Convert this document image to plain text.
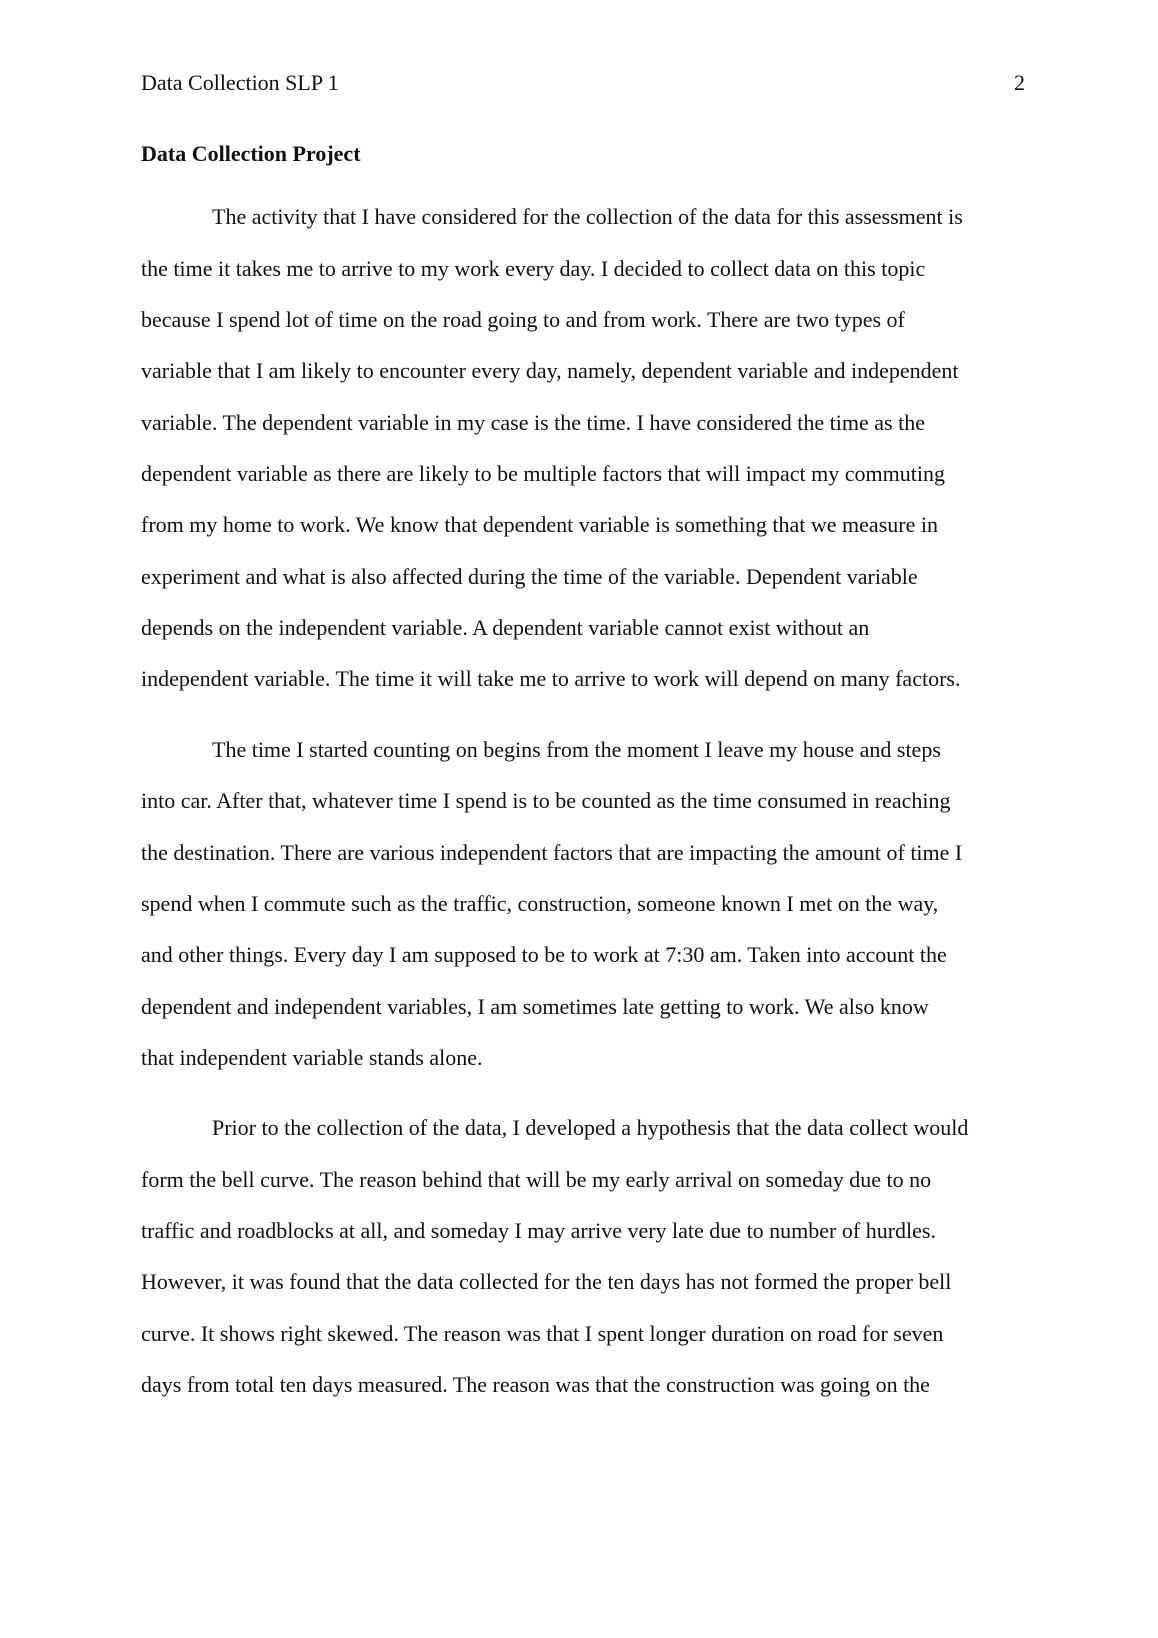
Data Collection SLP 1	2
Data Collection Project
The activity that I have considered for the collection of the data for this assessment is
the time it takes me to arrive to my work every day. I decided to collect data on this topic
because I spend lot of time on the road going to and from work. There are two types of
variable that I am likely to encounter every day, namely, dependent variable and independent
variable. The dependent variable in my case is the time. I have considered the time as the
dependent variable as there are likely to be multiple factors that will impact my commuting
from my home to work. We know that dependent variable is something that we measure in
experiment and what is also affected during the time of the variable. Dependent variable
depends on the independent variable. A dependent variable cannot exist without an
independent variable. The time it will take me to arrive to work will depend on many factors.
The time I started counting on begins from the moment I leave my house and steps
into car. After that, whatever time I spend is to be counted as the time consumed in reaching
the destination. There are various independent factors that are impacting the amount of time I
spend when I commute such as the traffic, construction, someone known I met on the way,
and other things. Every day I am supposed to be to work at 7:30 am. Taken into account the
dependent and independent variables, I am sometimes late getting to work. We also know
that independent variable stands alone.
Prior to the collection of the data, I developed a hypothesis that the data collect would
form the bell curve. The reason behind that will be my early arrival on someday due to no
traffic and roadblocks at all, and someday I may arrive very late due to number of hurdles.
However, it was found that the data collected for the ten days has not formed the proper bell
curve. It shows right skewed. The reason was that I spent longer duration on road for seven
days from total ten days measured. The reason was that the construction was going on the
